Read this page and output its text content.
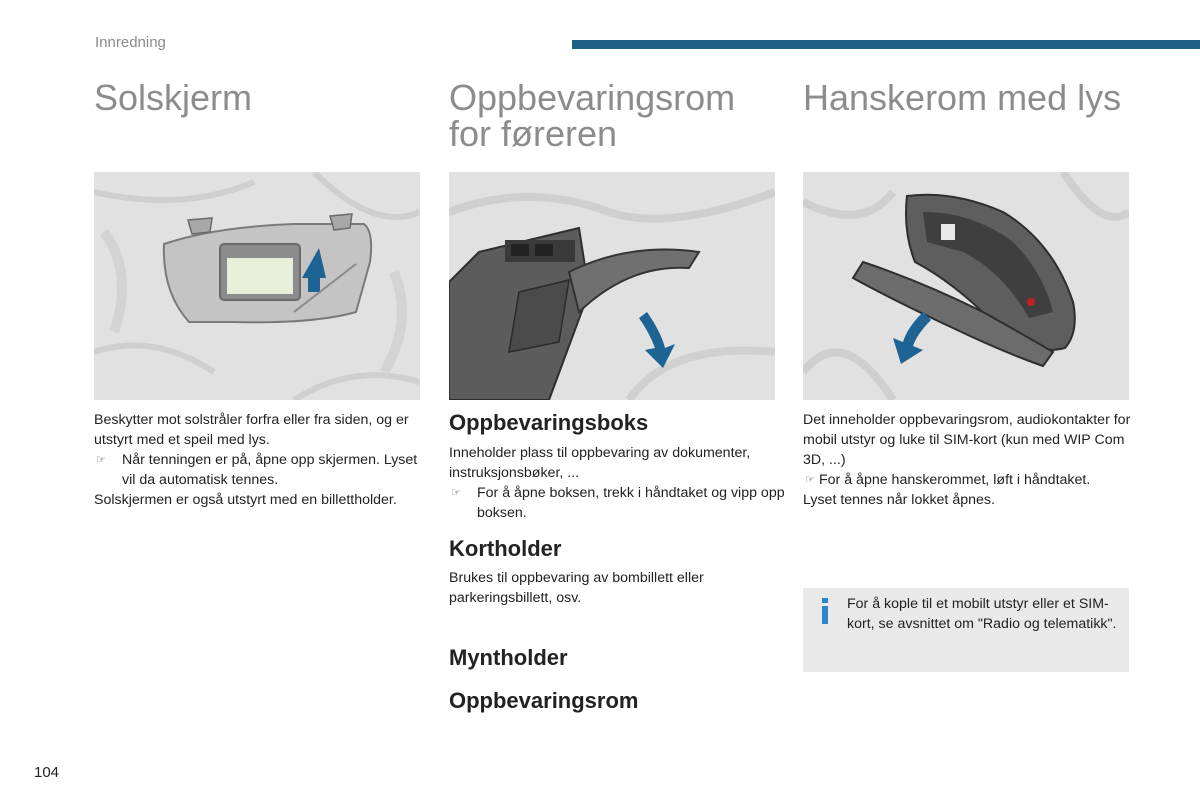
Innredning
Solskjerm

Beskytter mot solstråler forfra eller fra siden, og er utstyrt med et speil med lys.

☞ Når tenningen er på, åpne opp skjermen. Lyset vil da automatisk tennes.

Solskjermen er også utstyrt med en billettholder.

Oppbevaringsrom
for føreren
Oppbevaringsboks

Inneholder plass til oppbevaring av dokumenter, instruksjonsbøker, ...

☞ For å åpne boksen, trekk i håndtaket og vipp opp boksen.

Kortholder
Brukes til oppbevaring av bombillett eller parkeringsbillett, osv.
Myntholder
Oppbevaringsrom
Hanskerom med lys

Det inneholder oppbevaringsrom, audiokontakter for mobil utstyr og luke til SIM-kort (kun med WIP Com 3D, ...)

☞ For å åpne hanskerommet, løft i håndtaket.

Lyset tennes når lokket åpnes.

For å kople til et mobilt utstyr eller et SIM-kort, se avsnittet om "Radio og telematikk".
104
